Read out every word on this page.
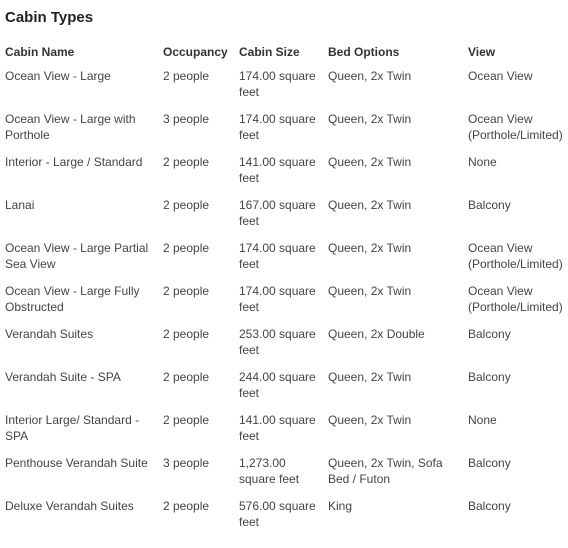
Cabin Types
Cabin Name	Occupancy	Cabin Size	Bed Options	View
Ocean View - Large	2 people	174.00 square feet	Queen, 2x Twin	Ocean View
Ocean View - Large with Porthole	3 people	174.00 square feet	Queen, 2x Twin	Ocean View (Porthole/Limited)
Interior - Large / Standard	2 people	141.00 square feet	Queen, 2x Twin	None
Lanai	2 people	167.00 square feet	Queen, 2x Twin	Balcony
Ocean View - Large Partial Sea View	2 people	174.00 square feet	Queen, 2x Twin	Ocean View (Porthole/Limited)
Ocean View - Large Fully Obstructed	2 people	174.00 square feet	Queen, 2x Twin	Ocean View (Porthole/Limited)
Verandah Suites	2 people	253.00 square feet	Queen, 2x Double	Balcony
Verandah Suite - SPA	2 people	244.00 square feet	Queen, 2x Twin	Balcony
Interior Large/ Standard - SPA	2 people	141.00 square feet	Queen, 2x Twin	None
Penthouse Verandah Suite	3 people	1,273.00 square feet	Queen, 2x Twin, Sofa Bed / Futon	Balcony
Deluxe Verandah Suites	2 people	576.00 square feet	King	Balcony
